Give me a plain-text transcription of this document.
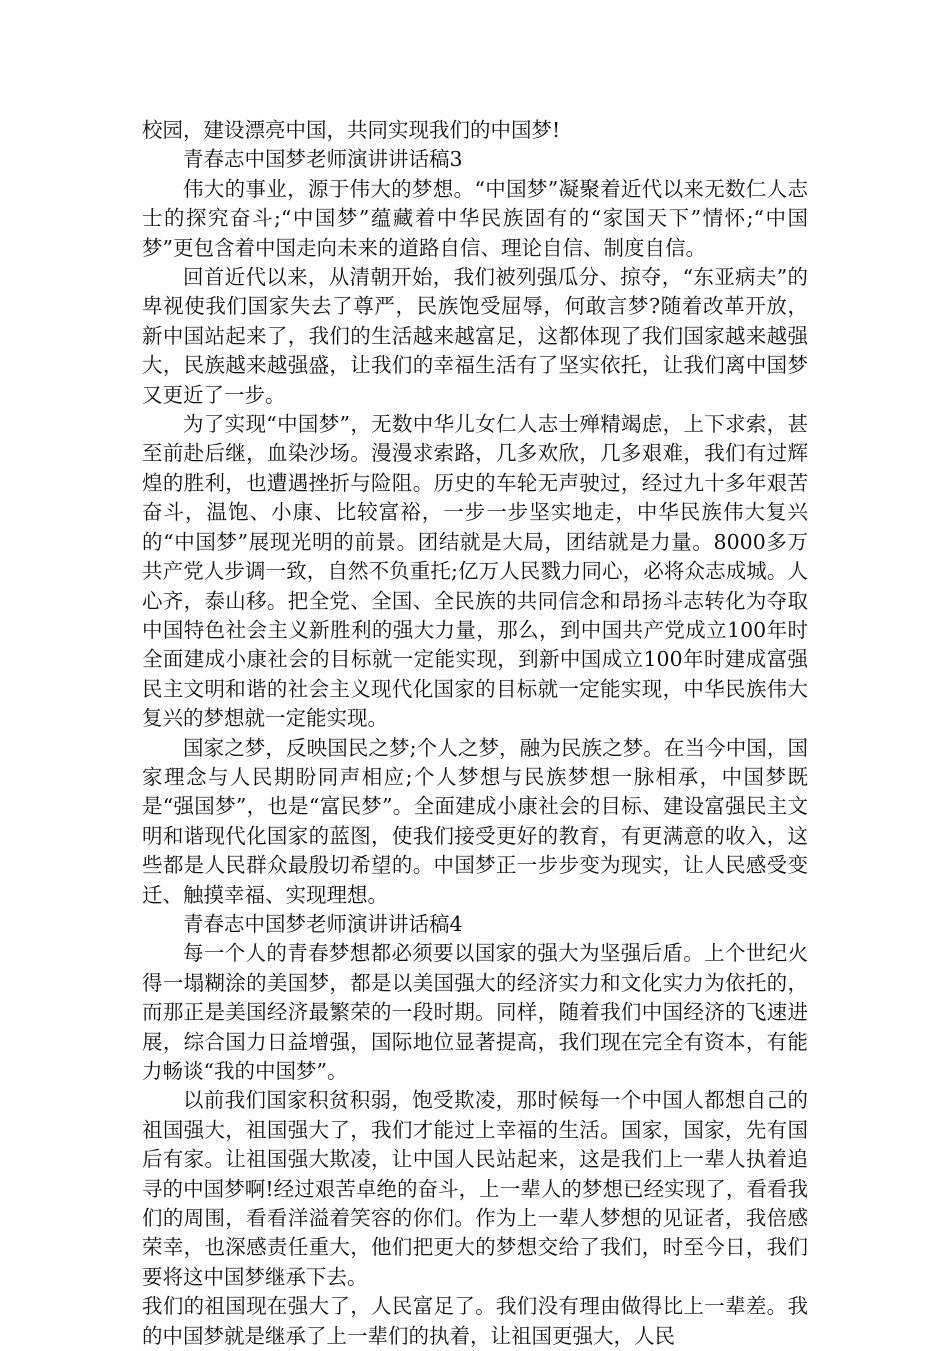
校园，建设漂亮中国，共同实现我们的中国梦!

青春志中国梦老师演讲讲话稿3

伟大的事业，源于伟大的梦想。“中国梦”凝聚着近代以来无数仁人志士的探究奋斗;“中国梦”蕴藏着中华民族固有的“家国天下”情怀;“中国梦”更包含着中国走向未来的道路自信、理论自信、制度自信。

回首近代以来，从清朝开始，我们被列强瓜分、掠夺，“东亚病夫”的卑视使我们国家失去了尊严，民族饱受屈辱，何敢言梦?随着改革开放，新中国站起来了，我们的生活越来越富足，这都体现了我们国家越来越强大，民族越来越强盛，让我们的幸福生活有了坚实依托，让我们离中国梦又更近了一步。

为了实现“中国梦”，无数中华儿女仁人志士殚精竭虑，上下求索，甚至前赴后继，血染沙场。漫漫求索路，几多欢欣，几多艰难，我们有过辉煌的胜利，也遭遇挫折与险阻。历史的车轮无声驶过，经过九十多年艰苦奋斗，温饱、小康、比较富裕，一步一步坚实地走，中华民族伟大复兴的“中国梦”展现光明的前景。团结就是大局，团结就是力量。8000多万共产党人步调一致，自然不负重托;亿万人民戮力同心，必将众志成城。人心齐，泰山移。把全党、全国、全民族的共同信念和昂扬斗志转化为夺取中国特色社会主义新胜利的强大力量，那么，到中国共产党成立100年时全面建成小康社会的目标就一定能实现，到新中国成立100年时建成富强民主文明和谐的社会主义现代化国家的目标就一定能实现，中华民族伟大复兴的梦想就一定能实现。

国家之梦，反映国民之梦;个人之梦，融为民族之梦。在当今中国，国家理念与人民期盼同声相应;个人梦想与民族梦想一脉相承，中国梦既是“强国梦”，也是“富民梦”。全面建成小康社会的目标、建设富强民主文明和谐现代化国家的蓝图，使我们接受更好的教育，有更满意的收入，这些都是人民群众最殷切希望的。中国梦正一步步变为现实，让人民感受变迁、触摸幸福、实现理想。

青春志中国梦老师演讲讲话稿4

每一个人的青春梦想都必须要以国家的强大为坚强后盾。上个世纪火得一塌糊涂的美国梦，都是以美国强大的经济实力和文化实力为依托的，而那正是美国经济最繁荣的一段时期。同样，随着我们中国经济的飞速进展，综合国力日益增强，国际地位显著提高，我们现在完全有资本，有能力畅谈“我的中国梦”。

以前我们国家积贫积弱，饱受欺凌，那时候每一个中国人都想自己的祖国强大，祖国强大了，我们才能过上幸福的生活。国家，国家，先有国后有家。让祖国强大欺凌，让中国人民站起来，这是我们上一辈人执着追寻的中国梦啊!经过艰苦卓绝的奋斗，上一辈人的梦想已经实现了，看看我们的周围，看看洋溢着笑容的你们。作为上一辈人梦想的见证者，我倍感荣幸，也深感责任重大，他们把更大的梦想交给了我们，时至今日，我们要将这中国梦继承下去。

我们的祖国现在强大了，人民富足了。我们没有理由做得比上一辈差。我的中国梦就是继承了上一辈们的执着，让祖国更强大，人民
